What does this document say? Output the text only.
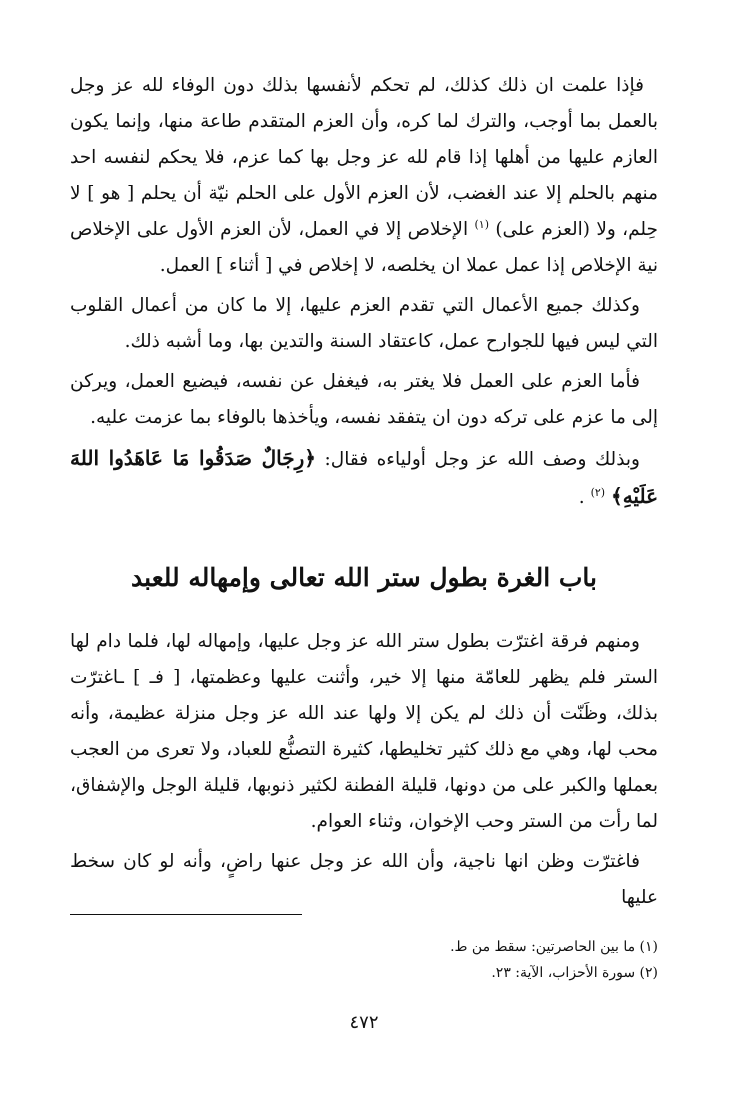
فإذا علمت ان ذلك كذلك، لم تحكم لأنفسها بذلك دون الوفاء لله عز وجل بالعمل بما أوجب، والترك لما كره، وأن العزم المتقدم طاعة منها، وإنما يكون العازم عليها من أهلها إذا قام لله عز وجل بها كما عزم، فلا يحكم لنفسه احد منهم بالحلم إلا عند الغضب، لأن العزم الأول على الحلم نيّة أن يحلم [ هو ] لا حِلم، ولا (العزم على) $^{(١)}$ الإخلاص إلا في العمل، لأن العزم الأول على الإخلاص نية الإخلاص إذا عمل عملا ان يخلصه، لا إخلاص في [ أثناء ] العمل.

وكذلك جميع الأعمال التي تقدم العزم عليها، إلا ما كان من أعمال القلوب التي ليس فيها للجوارح عمل، كاعتقاد السنة والتدين بها، وما أشبه ذلك.

فأما العزم على العمل فلا يغتر به، فيغفل عن نفسه، فيضيع العمل، ويركن إلى ما عزم على تركه دون ان يتفقد نفسه، ويأخذها بالوفاء بما عزمت عليه.

وبذلك وصف الله عز وجل أولياءه فقال: ﴿رِجَالٌ صَدَقُوا مَا عَاهَدُوا اللهَ عَلَيْهِ﴾ $^{(٢)}$ .

باب الغرة بطول ستر الله تعالى وإمهاله للعبد

ومنهم فرقة اغترّت بطول ستر الله عز وجل عليها، وإمهاله لها، فلما دام لها الستر فلم يظهر للعامّة منها إلا خير، وأثنت عليها وعظمتها، [ فـ ] ـاغترّت بذلك، وظَنّت أن ذلك لم يكن إلا ولها عند الله عز وجل منزلة عظيمة، وأنه محب لها، وهي مع ذلك كثير تخليطها، كثيرة التصنُّع للعباد، ولا تعرى من العجب بعملها والكبر على من دونها، قليلة الفطنة لكثير ذنوبها، قليلة الوجل والإشفاق، لما رأت من الستر وحب الإخوان، وثناء العوام.

فاغترّت وظن انها ناجية، وأن الله عز وجل عنها راضٍ، وأنه لو كان سخط عليها

(١) ما بين الحاصرتين: سقط من ط.
(٢) سورة الأحزاب، الآية: ٢٣.
٤٧٢
